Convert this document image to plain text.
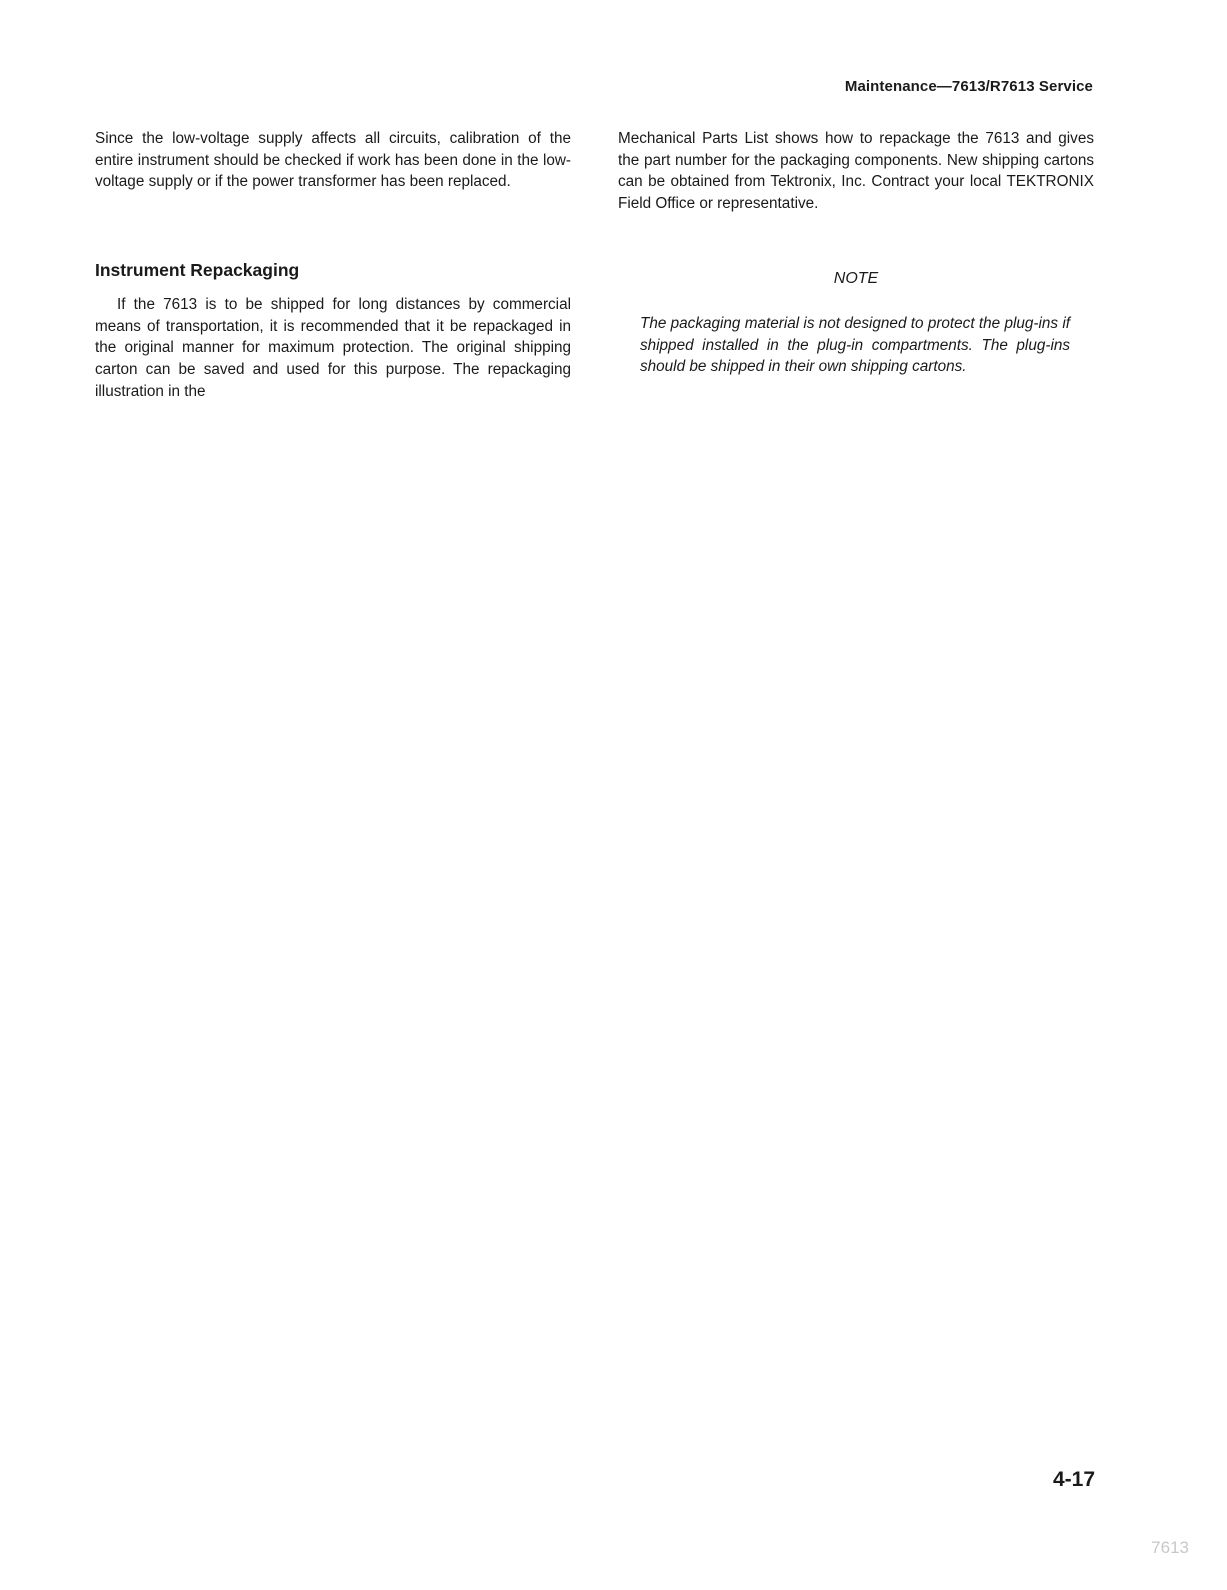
Maintenance—7613/R7613 Service

Since the low-voltage supply affects all circuits, calibration of the entire instrument should be checked if work has been done in the low-voltage supply or if the power transformer has been replaced.

Instrument Repackaging

If the 7613 is to be shipped for long distances by commercial means of transportation, it is recommended that it be repackaged in the original manner for maximum protection. The original shipping carton can be saved and used for this purpose. The repackaging illustration in the

Mechanical Parts List shows how to repackage the 7613 and gives the part number for the packaging components. New shipping cartons can be obtained from Tektronix, Inc. Contract your local TEKTRONIX Field Office or representative.

NOTE

The packaging material is not designed to protect the plug-ins if shipped installed in the plug-in compartments. The plug-ins should be shipped in their own shipping cartons.

4-17
7613
